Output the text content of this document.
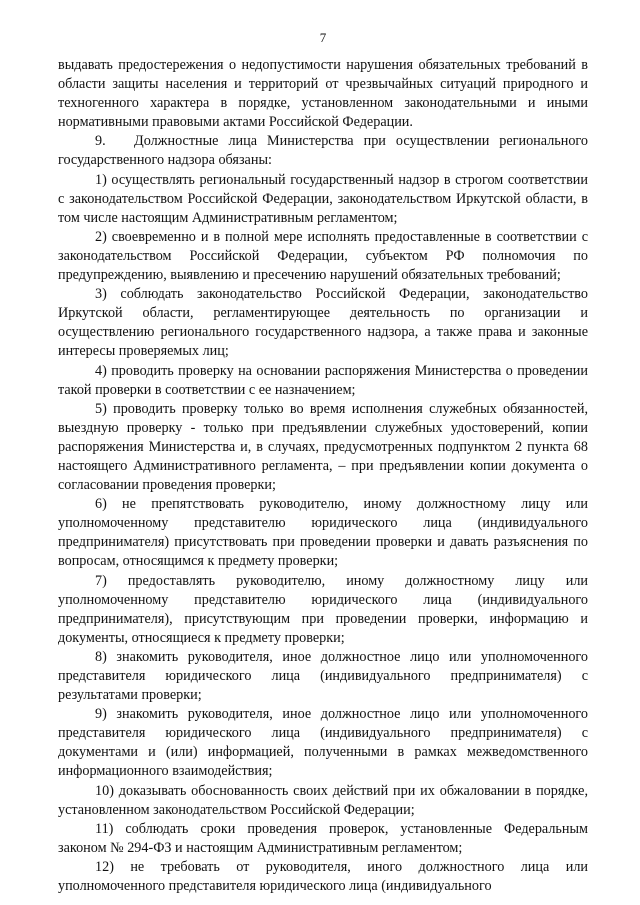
7

выдавать предостережения о недопустимости нарушения обязательных требований в области защиты населения и территорий от чрезвычайных ситуаций природного и техногенного характера в порядке, установленном законодательными и иными нормативными правовыми актами Российской Федерации.

9.  Должностные лица Министерства при осуществлении регионального государственного надзора обязаны:

1) осуществлять региональный государственный надзор в строгом соответствии с законодательством Российской Федерации, законодательством Иркутской области, в том числе настоящим Административным регламентом;

2) своевременно и в полной мере исполнять предоставленные в соответствии с законодательством Российской Федерации, субъектом РФ полномочия по предупреждению, выявлению и пресечению нарушений обязательных требований;

3) соблюдать законодательство Российской Федерации, законодательство Иркутской области, регламентирующее деятельность по организации и осуществлению регионального государственного надзора, а также права и законные интересы проверяемых лиц;

4) проводить проверку на основании распоряжения Министерства о проведении такой проверки в соответствии с ее назначением;

5) проводить проверку только во время исполнения служебных обязанностей, выездную проверку - только при предъявлении служебных удостоверений, копии распоряжения Министерства и, в случаях, предусмотренных подпунктом 2 пункта 68 настоящего Административного регламента, – при предъявлении копии документа о согласовании проведения проверки;

6) не препятствовать руководителю, иному должностному лицу или уполномоченному представителю юридического лица (индивидуального предпринимателя) присутствовать при проведении проверки и давать разъяснения по вопросам, относящимся к предмету проверки;

7) предоставлять руководителю, иному должностному лицу или уполномоченному представителю юридического лица (индивидуального предпринимателя), присутствующим при проведении проверки, информацию и документы, относящиеся к предмету проверки;

8) знакомить руководителя, иное должностное лицо или уполномоченного представителя юридического лица (индивидуального предпринимателя) с результатами проверки;

9) знакомить руководителя, иное должностное лицо или уполномоченного представителя юридического лица (индивидуального предпринимателя) с документами и (или) информацией, полученными в рамках межведомственного информационного взаимодействия;

10) доказывать обоснованность своих действий при их обжаловании в порядке, установленном законодательством Российской Федерации;

11) соблюдать сроки проведения проверок, установленные Федеральным законом № 294-ФЗ и настоящим Административным регламентом;

12) не требовать от руководителя, иного должностного лица или уполномоченного представителя юридического лица (индивидуального
